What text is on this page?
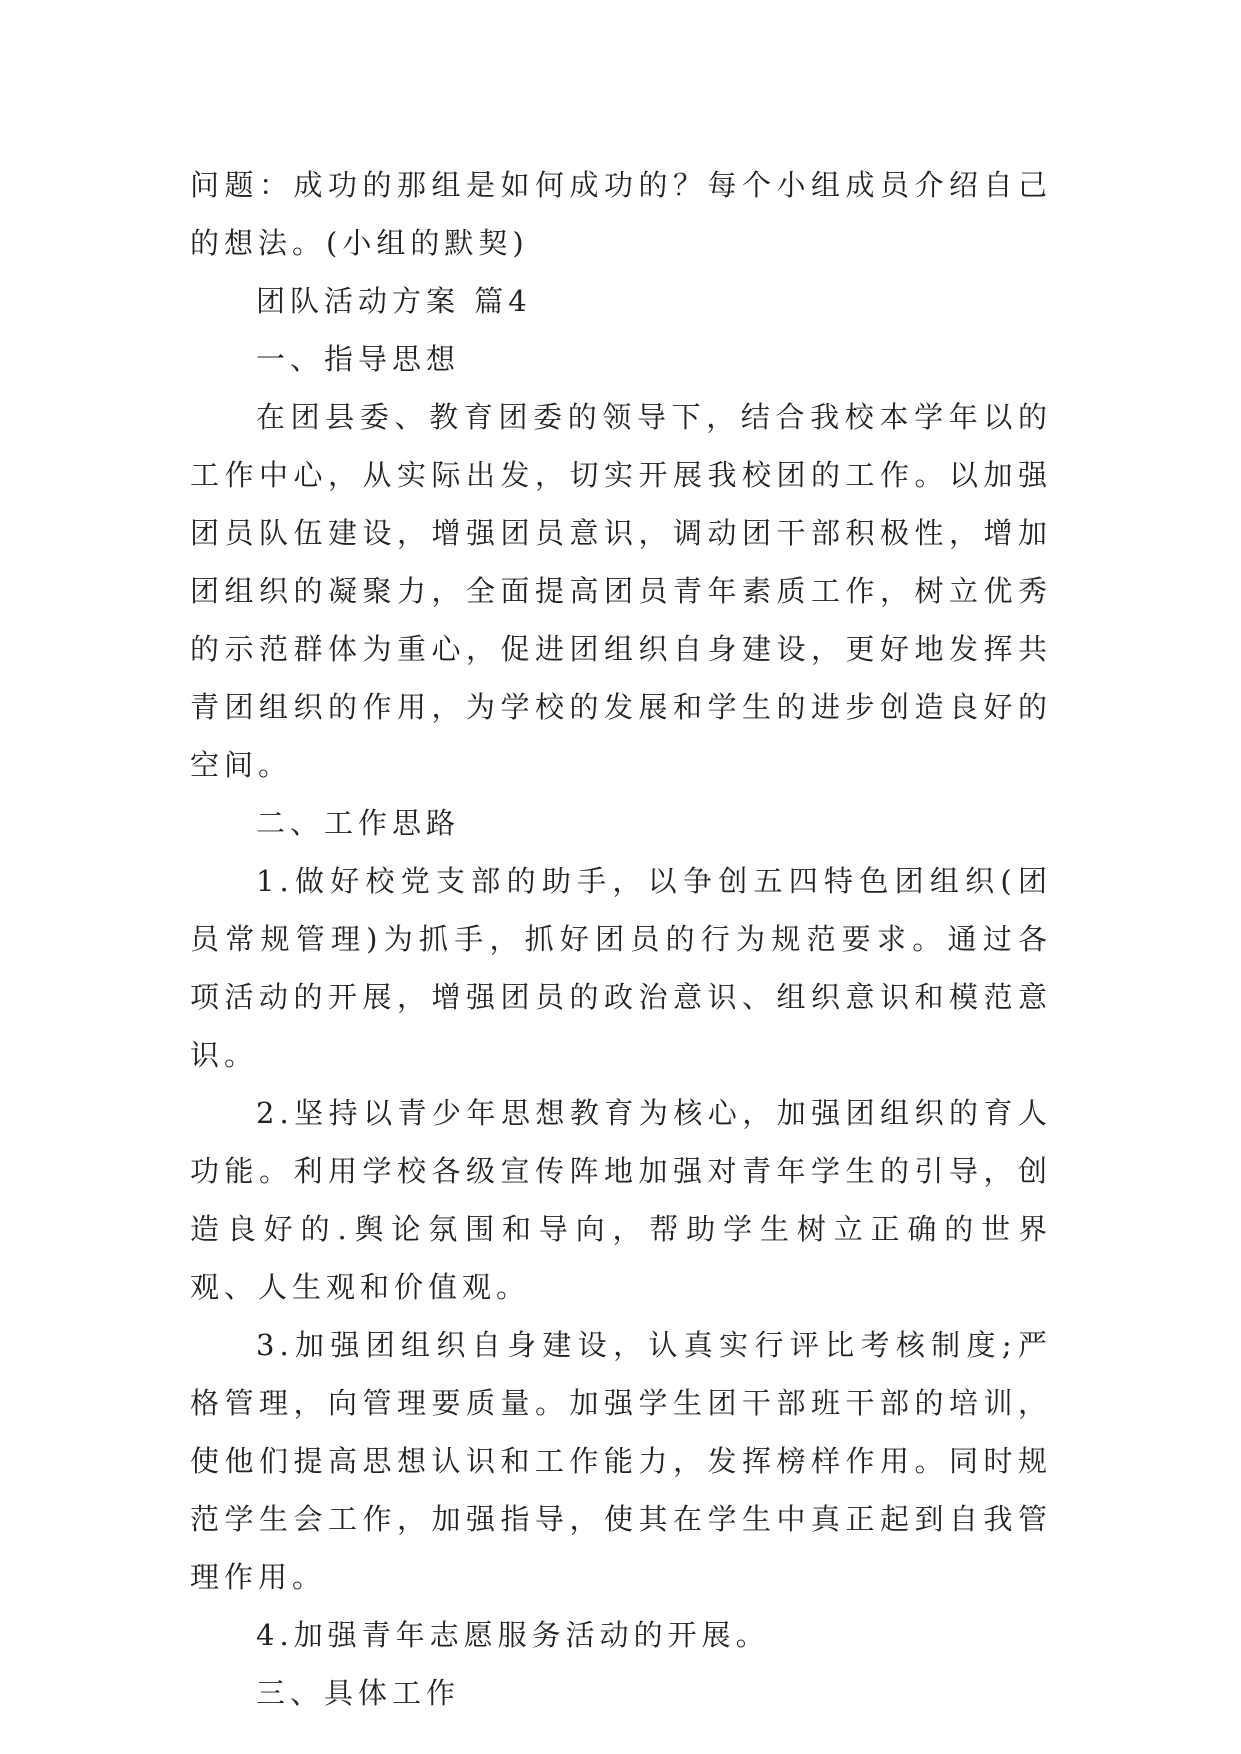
问题：成功的那组是如何成功的？每个小组成员介绍自己的想法。(小组的默契)

团队活动方案 篇4

一、指导思想

在团县委、教育团委的领导下，结合我校本学年以的工作中心，从实际出发，切实开展我校团的工作。以加强团员队伍建设，增强团员意识，调动团干部积极性，增加团组织的凝聚力，全面提高团员青年素质工作，树立优秀的示范群体为重心，促进团组织自身建设，更好地发挥共青团组织的作用，为学校的发展和学生的进步创造良好的空间。

二、工作思路

1.做好校党支部的助手，以争创五四特色团组织(团员常规管理)为抓手，抓好团员的行为规范要求。通过各项活动的开展，增强团员的政治意识、组织意识和模范意识。

2.坚持以青少年思想教育为核心，加强团组织的育人功能。利用学校各级宣传阵地加强对青年学生的引导，创造良好的.舆论氛围和导向，帮助学生树立正确的世界观、人生观和价值观。

3.加强团组织自身建设，认真实行评比考核制度;严格管理，向管理要质量。加强学生团干部班干部的培训，使他们提高思想认识和工作能力，发挥榜样作用。同时规范学生会工作，加强指导，使其在学生中真正起到自我管理作用。

4.加强青年志愿服务活动的开展。

三、具体工作
